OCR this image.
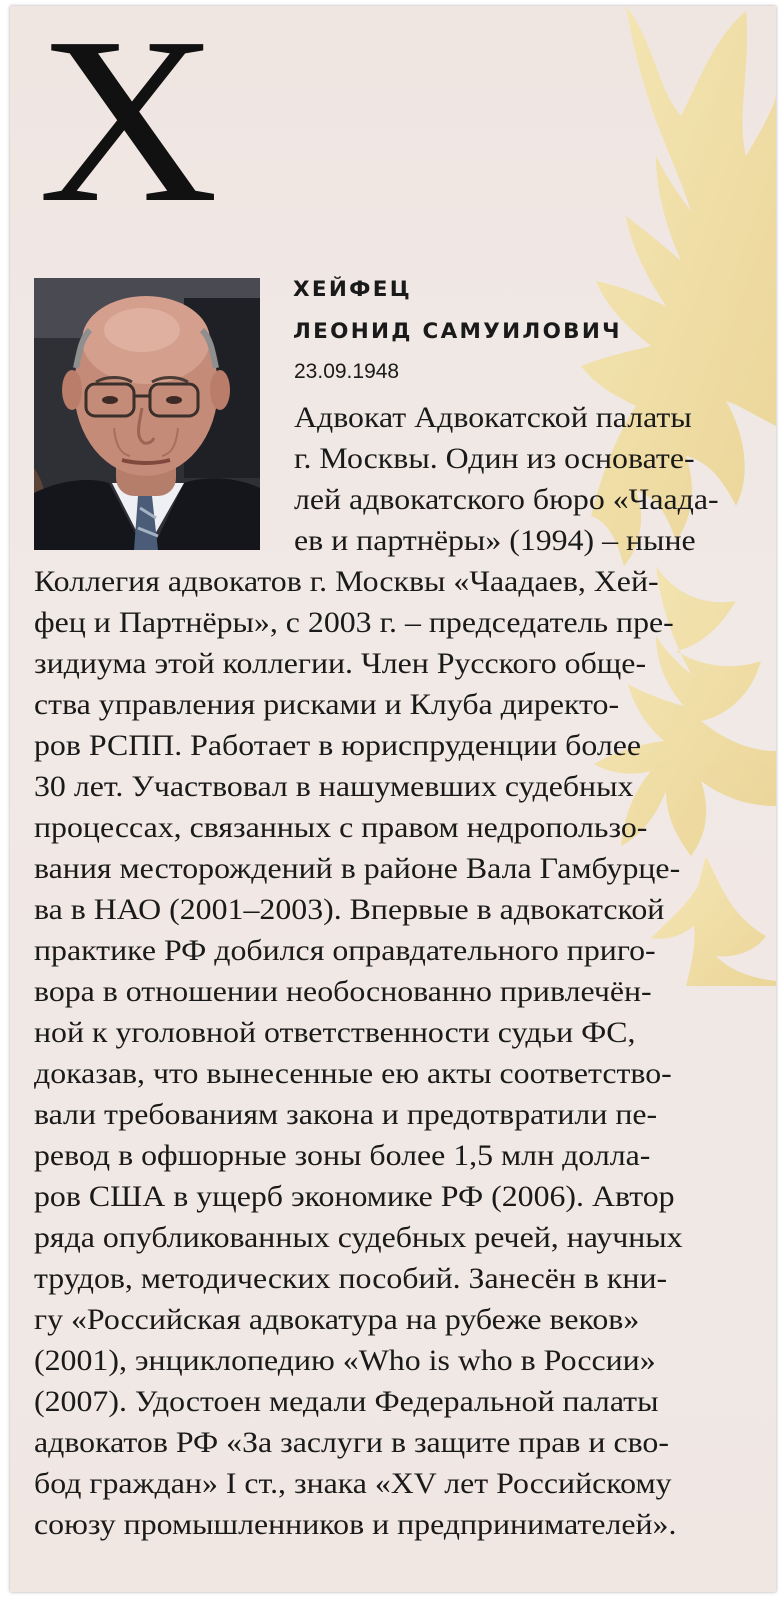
Х
ХЕЙФЕЦ
ЛЕОНИД САМУИЛОВИЧ
23.09.1948
Адвокат Адвокатской палаты
г. Москвы. Один из основате-
лей адвокатского бюро «Чаада-
ев и партнёры» (1994) – ныне
Коллегия адвокатов г. Москвы «Чаадаев, Хей-
фец и Партнёры», с 2003 г. – председатель пре-
зидиума этой коллегии. Член Русского общe-
ства управления рисками и Клуба директо-
ров РСПП. Работает в юриспруденции более
30 лет. Участвовал в нашумевших судебных
процессах, связанных с правом недропользо-
вания месторождений в районе Вала Гамбурце-
ва в НАО (2001–2003). Впервые в адвокатской
практике РФ добился оправдательного приго-
вора в отношении необоснованно привлечён-
ной к уголовной ответственности судьи ФС,
доказав, что вынесенные ею акты соответство-
вали требованиям закона и предотвратили пе-
ревод в офшорные зоны более 1,5 млн долла-
ров США в ущерб экономике РФ (2006). Автор
ряда опубликованных судебных речей, научных
трудов, методических пособий. Занесён в кни-
гу «Российская адвокатура на рубеже веков»
(2001), энциклопедию «Who is who в России»
(2007). Удостоен медали Федеральной палаты
адвокатов РФ «За заслуги в защите прав и сво-
бод граждан» I ст., знака «XV лет Российскому
союзу промышленников и предпринимателей».
